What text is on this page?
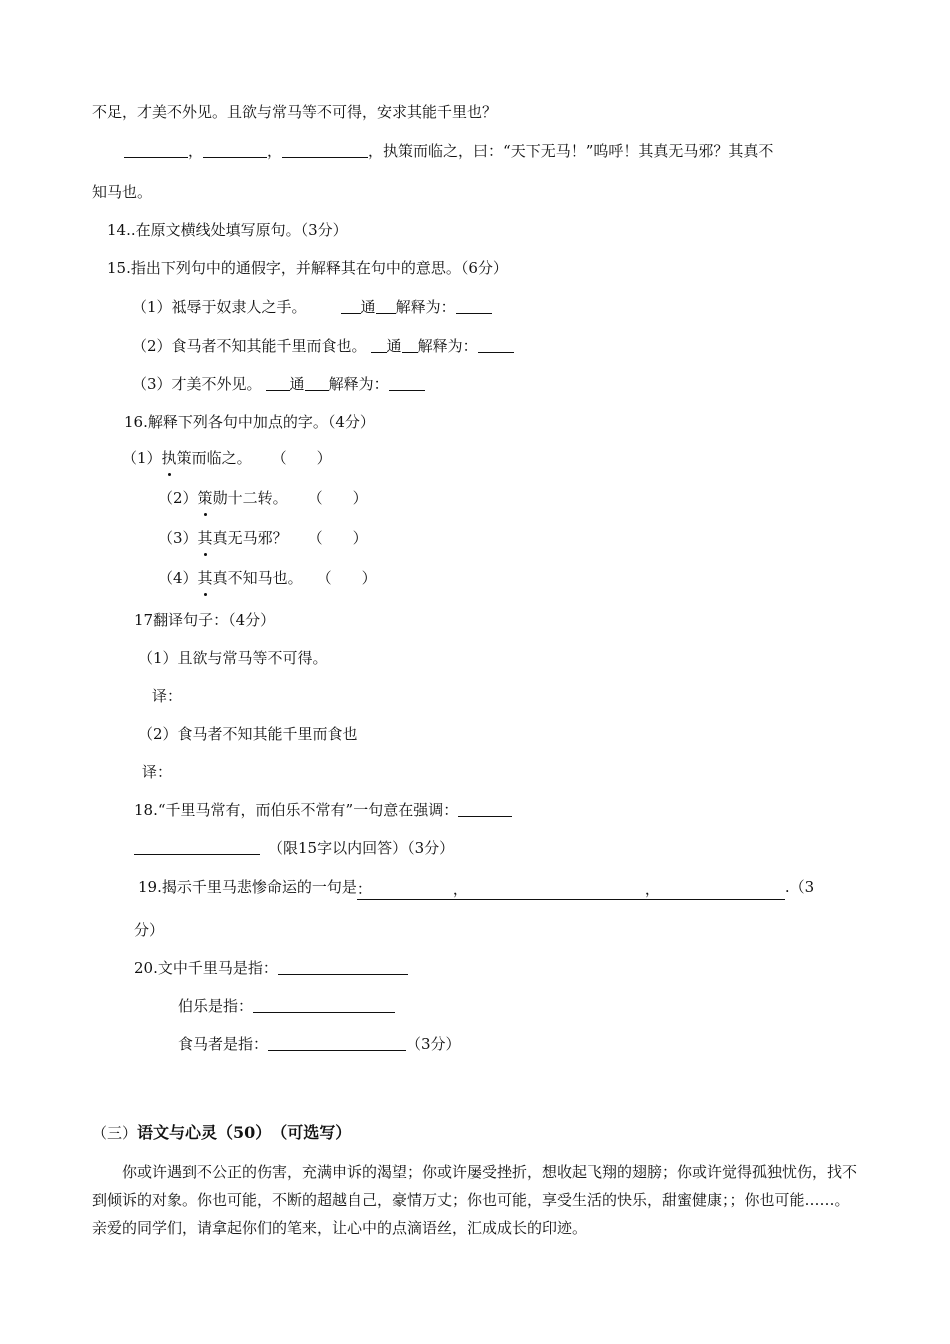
不足，才美不外见。且欲与常马等不可得，安求其能千里也？
，	，	，执策而临之，曰：“天下无马！”呜呼！其真无马邪？其真不
知马也。
14..在原文横线处填写原句。（3分）
15.指出下列句中的通假字，并解释其在句中的意思。（6分）
（1）祗辱于奴隶人之手。	通 解释为：
（2）食马者不知其能千里而食也。 通 解释为：
（3）才美不外见。 通 解释为：
16.解释下列各句中加点的字。（4分）
（1）执策而临之。 （　　）
（2）策勋十二转。 （　　）
（3）其真无马邪？ （　　）
（4）其真不知马也。 （　　）
17翻译句子：（4分）
（1）且欲与常马等不可得。
译：
（2）食马者不知其能千里而食也
译：
18.“千里马常有，而伯乐不常有”一句意在强调：
（限15字以内回答）（3分）
19.揭示千里马悲惨命运的一句是：	，	，	.（3
分）
20.文中千里马是指：
伯乐是指：
食马者是指：	（3分）
（三）语文与心灵（50）　（可选写）
你或许遇到不公正的伤害，充满申诉的渴望；你或许屡受挫折，想收起飞翔的翅膀；你或许觉得孤独忧伤，找不到倾诉的对象。你也可能，不断的超越自己，豪情万丈；你也可能，享受生活的快乐，甜蜜健康；；你也可能……。亲爱的同学们，请拿起你们的笔来，让心中的点滴语丝，汇成成长的印迹。
